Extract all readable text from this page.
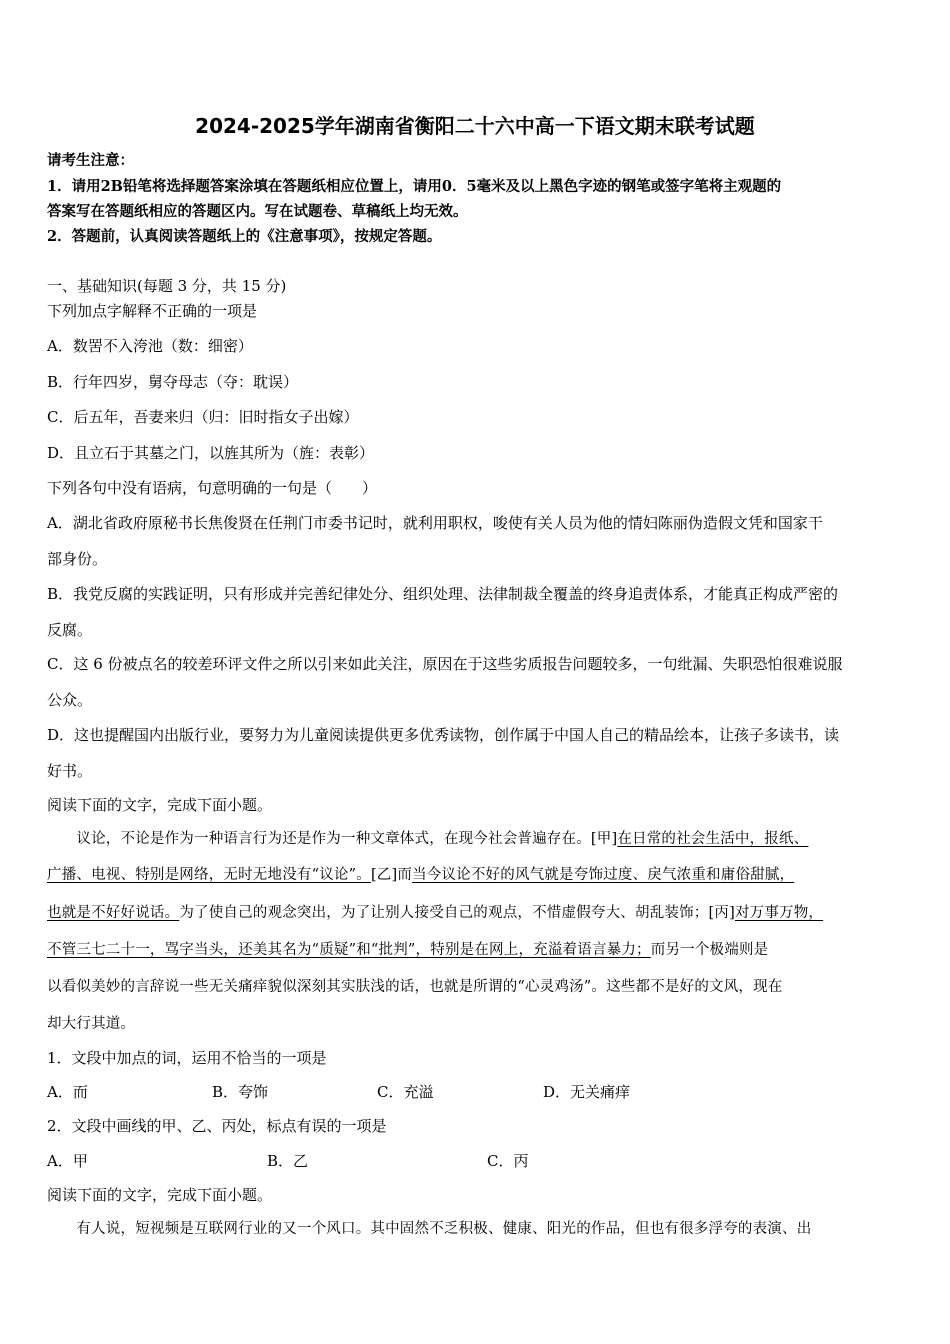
2024-2025学年湖南省衡阳二十六中高一下语文期末联考试题
请考生注意：
1．请用2B铅笔将选择题答案涂填在答题纸相应位置上，请用0．5毫米及以上黑色字迹的钢笔或签字笔将主观题的
答案写在答题纸相应的答题区内。写在试题卷、草稿纸上均无效。
2．答题前，认真阅读答题纸上的《注意事项》，按规定答题。
一、基础知识(每题 3 分，共 15 分)
下列加点字解释不正确的一项是
A．数罟不入洿池（数：细密）
B．行年四岁，舅夺母志（夺：耽误）
C．后五年，吾妻来归（归：旧时指女子出嫁）
D．且立石于其墓之门，以旌其所为（旌：表彰）
下列各句中没有语病，句意明确的一句是（　　）
A．湖北省政府原秘书长焦俊贤在任荆门市委书记时，就利用职权，唆使有关人员为他的情妇陈丽伪造假文凭和国家干
部身份。
B．我党反腐的实践证明，只有形成并完善纪律处分、组织处理、法律制裁全覆盖的终身追责体系，才能真正构成严密的
反腐。
C．这 6 份被点名的较差环评文件之所以引来如此关注，原因在于这些劣质报告问题较多，一句纰漏、失职恐怕很难说服
公众。
D．这也提醒国内出版行业，要努力为儿童阅读提供更多优秀读物，创作属于中国人自己的精品绘本，让孩子多读书，读
好书。
阅读下面的文字，完成下面小题。
　　议论，不论是作为一种语言行为还是作为一种文章体式，在现今社会普遍存在。[甲]在日常的社会生活中，报纸、
广播、电视、特别是网络，无时无地没有“议论”。[乙]而当今议论不好的风气就是夸饰过度、戾气浓重和庸俗甜腻，
也就是不好好说话。为了使自己的观念突出，为了让别人接受自己的观点，不惜虚假夸大、胡乱装饰；[丙]对万事万物，
不管三七二十一，骂字当头，还美其名为“质疑”和“批判”，特别是在网上，充溢着语言暴力；而另一个极端则是
以看似美妙的言辞说一些无关痛痒貌似深刻其实肤浅的话，也就是所谓的“心灵鸡汤”。这些都不是好的文风，现在
却大行其道。
1．文段中加点的词，运用不恰当的一项是
A．而	B．夸饰	C．充溢	D．无关痛痒
2．文段中画线的甲、乙、丙处，标点有误的一项是
A．甲	B．乙	C．丙
阅读下面的文字，完成下面小题。
　　有人说，短视频是互联网行业的又一个风口。其中固然不乏积极、健康、阳光的作品，但也有很多浮夸的表演、出
